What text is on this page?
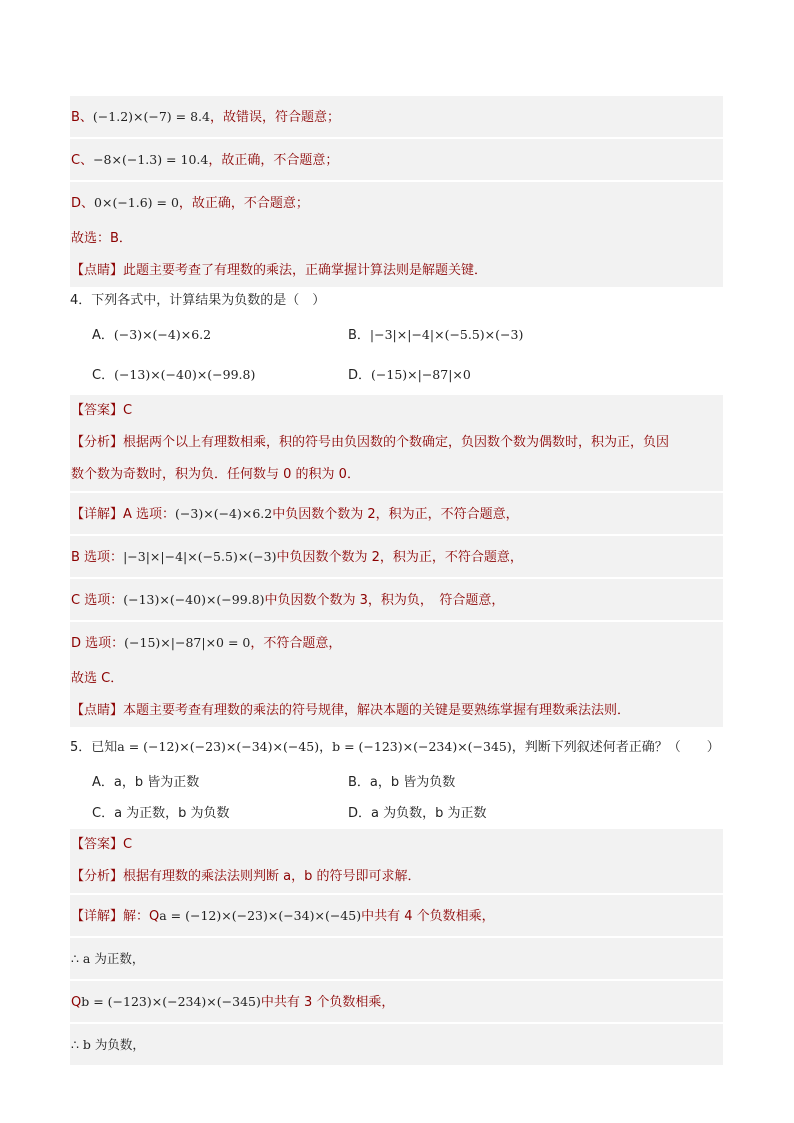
B、(−1.2)×(−7) = 8.4，故错误，符合题意；
C、−8×(−1.3) = 10.4，故正确，不合题意；
D、0×(−1.6) = 0，故正确，不合题意；
故选：B．
【点睛】此题主要考查了有理数的乘法，正确掌握计算法则是解题关键．
4．下列各式中，计算结果为负数的是（　）
A．(−3)×(−4)×6.2	B．|−3|×|−4|×(−5.5)×(−3)
C．(−13)×(−40)×(−99.8)	D．(−15)×|−87|×0
【答案】C
【分析】根据两个以上有理数相乘，积的符号由负因数的个数确定，负因数个数为偶数时，积为正，负因
数个数为奇数时，积为负．任何数与 0 的积为 0．
【详解】A 选项：(−3)×(−4)×6.2中负因数个数为 2，积为正，不符合题意，
B 选项：|−3|×|−4|×(−5.5)×(−3)中负因数个数为 2，积为正，不符合题意，
C 选项：(−13)×(−40)×(−99.8)中负因数个数为 3，积为负，　符合题意，
D 选项：(−15)×|−87|×0 = 0，不符合题意，
故选 C．
【点睛】本题主要考查有理数的乘法的符号规律，解决本题的关键是要熟练掌握有理数乘法法则．
5．已知a = (−12)×(−23)×(−34)×(−45)，b = (−123)×(−234)×(−345)，判断下列叙述何者正确？（　　）
A．a，b 皆为正数	B．a，b 皆为负数
C．a 为正数，b 为负数	D．a 为负数，b 为正数
【答案】C
【分析】根据有理数的乘法法则判断 a，b 的符号即可求解．
【详解】解：Qa = (−12)×(−23)×(−34)×(−45)中共有 4 个负数相乘，
∴ a 为正数，
Qb = (−123)×(−234)×(−345)中共有 3 个负数相乘，
∴ b 为负数，
